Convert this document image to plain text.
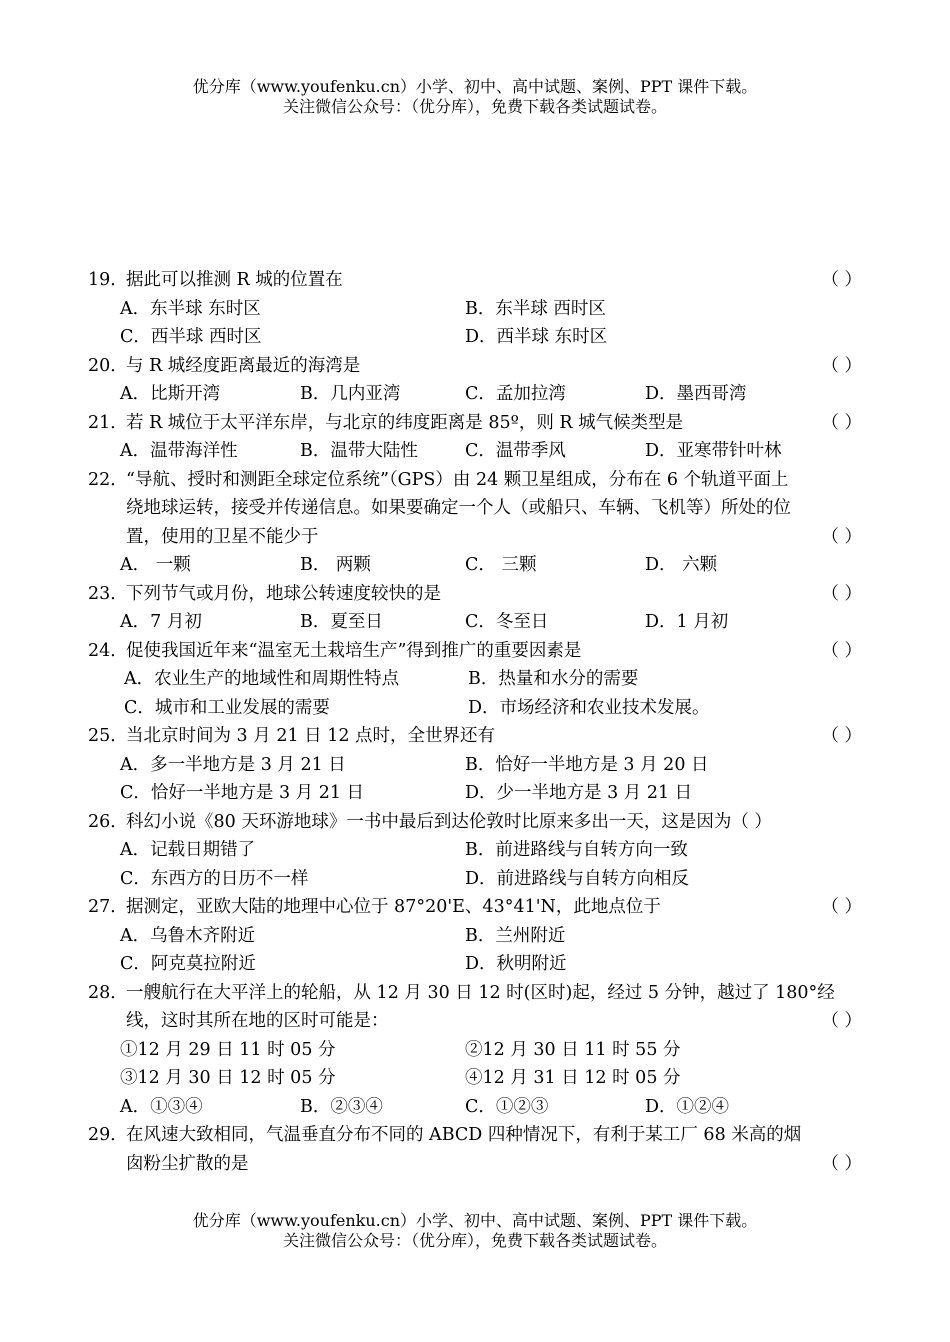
优分库（www.youfenku.cn）小学、初中、高中试题、案例、PPT 课件下载。
关注微信公众号：（优分库），免费下载各类试题试卷。
19．
据此可以推测 R 城的位置在	（ ）
A．东半球 东时区	B．东半球 西时区
C．西半球 西时区	D．西半球 东时区
20．
与 R 城经度距离最近的海湾是	（ ）
A．比斯开湾	B．几内亚湾	C．孟加拉湾	D．墨西哥湾
21．
若 R 城位于太平洋东岸，与北京的纬度距离是 85º，则 R 城气候类型是	（ ）
A．温带海洋性	B．温带大陆性	C．温带季风	D．亚寒带针叶林
22．
“导航、授时和测距全球定位系统”（GPS）由 24 颗卫星组成，分布在 6 个轨道平面上
绕地球运转，接受并传递信息。如果要确定一个人（或船只、车辆、飞机等）所处的位
置，使用的卫星不能少于	（ ）
A． 一颗	B． 两颗	C． 三颗	D． 六颗
23．
下列节气或月份，地球公转速度较快的是	（ ）
A．7 月初	B．夏至日	C．冬至日	D．1 月初
24．
促使我国近年来“温室无土栽培生产”得到推广的重要因素是	（ ）
A．农业生产的地域性和周期性特点	B．热量和水分的需要
C．城市和工业发展的需要	D．市场经济和农业技术发展。
25．
当北京时间为 3 月 21 日 12 点时，全世界还有	（ ）
A．多一半地方是 3 月 21 日	B．恰好一半地方是 3 月 20 日
C．恰好一半地方是 3 月 21 日	D．少一半地方是 3 月 21 日
26．
科幻小说《80 天环游地球》一书中最后到达伦敦时比原来多出一天，这是因为（ ）
A．记载日期错了	B．前进路线与自转方向一致
C．东西方的日历不一样	D．前进路线与自转方向相反
27．
据测定，亚欧大陆的地理中心位于 87°20'E、43°41'N，此地点位于	（ ）
A．乌鲁木齐附近	B．兰州附近
C．阿克莫拉附近	D．秋明附近
28．
一艘航行在大平洋上的轮船，从 12 月 30 日 12 时(区时)起，经过 5 分钟，越过了 180°经
线，这时其所在地的区时可能是：	（ ）
①12 月 29 日 11 时 05 分	②12 月 30 日 11 时 55 分
③12 月 30 日 12 时 05 分	④12 月 31 日 12 时 05 分
A．①③④	B．②③④	C．①②③	D．①②④
29．
在风速大致相同，气温垂直分布不同的 ABCD 四种情况下，有利于某工厂 68 米高的烟
囱粉尘扩散的是	（ ）
优分库（www.youfenku.cn）小学、初中、高中试题、案例、PPT 课件下载。
关注微信公众号：（优分库），免费下载各类试题试卷。
